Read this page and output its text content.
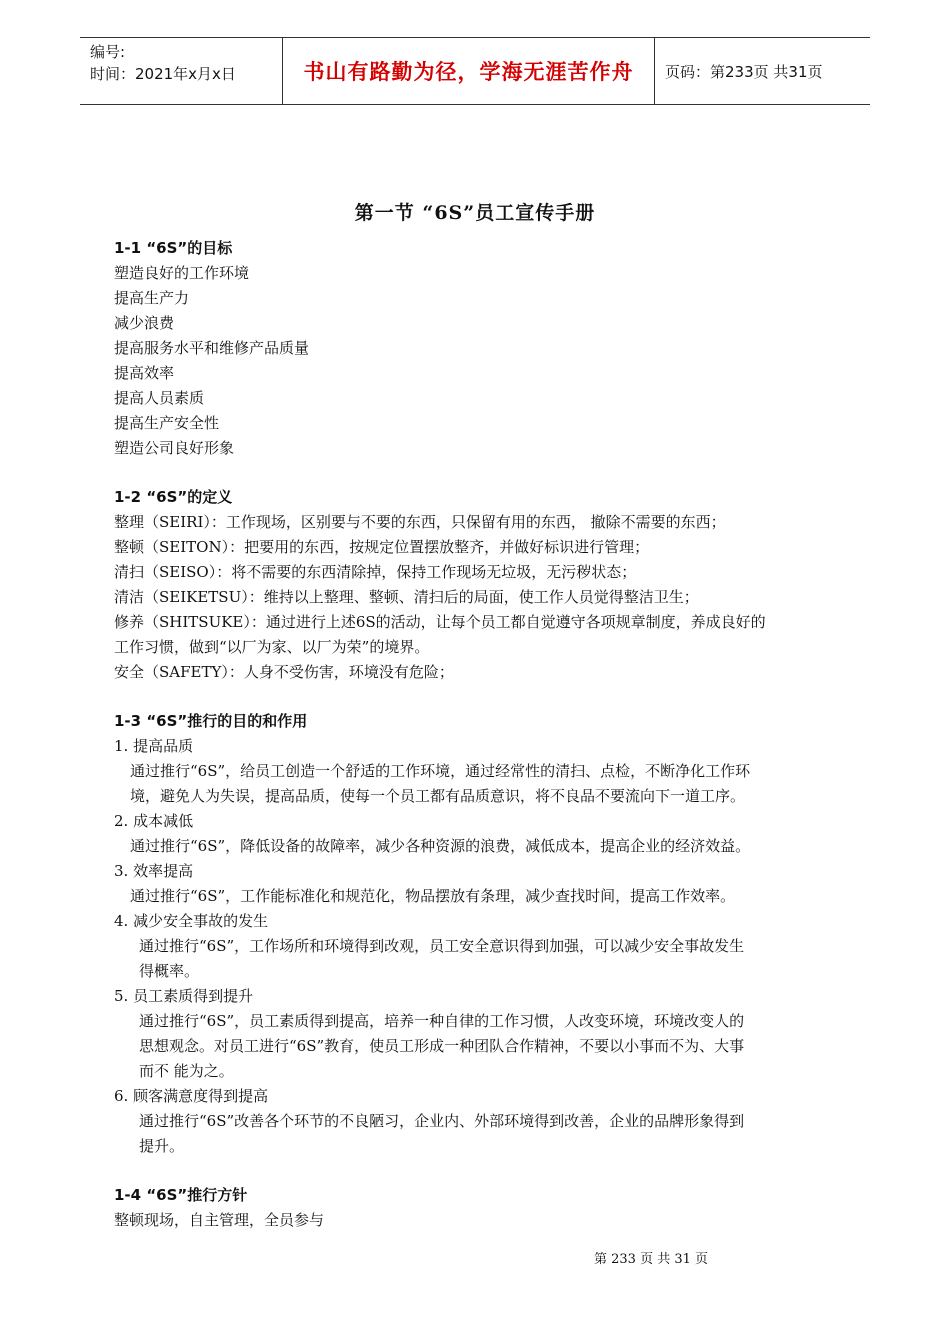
编号:
时间：2021年x月x日	书山有路勤为径，学海无涯苦作舟	页码：第233页 共31页
第一节 “6S”员工宣传手册
1-1 “6S”的目标
塑造良好的工作环境
提高生产力
减少浪费
提高服务水平和维修产品质量
提高效率
提高人员素质
提高生产安全性
塑造公司良好形象
1-2 “6S”的定义
整理（SEIRI）：工作现场，区别要与不要的东西，只保留有用的东西， 撤除不需要的东西；
整顿（SEITON）：把要用的东西，按规定位置摆放整齐，并做好标识进行管理；
清扫（SEISO）：将不需要的东西清除掉，保持工作现场无垃圾，无污秽状态；
清洁（SEIKETSU）：维持以上整理、整顿、清扫后的局面，使工作人员觉得整洁卫生；
修养（SHITSUKE）：通过进行上述6S的活动，让每个员工都自觉遵守各项规章制度，养成良好的
工作习惯，做到“以厂为家、以厂为荣”的境界。
安全（SAFETY）：人身不受伤害，环境没有危险；
1-3 “6S”推行的目的和作用
1. 提高品质
通过推行“6S”，给员工创造一个舒适的工作环境，通过经常性的清扫、点检，不断净化工作环
境，避免人为失误，提高品质，使每一个员工都有品质意识，将不良品不要流向下一道工序。
2. 成本减低
通过推行“6S”，降低设备的故障率，减少各种资源的浪费，减低成本，提高企业的经济效益。
3. 效率提高
通过推行“6S”，工作能标准化和规范化，物品摆放有条理，减少查找时间，提高工作效率。
4. 减少安全事故的发生
通过推行“6S”，工作场所和环境得到改观，员工安全意识得到加强，可以减少安全事故发生
得概率。
5. 员工素质得到提升
通过推行“6S”，员工素质得到提高，培养一种自律的工作习惯，人改变环境，环境改变人的
思想观念。对员工进行“6S”教育，使员工形成一种团队合作精神，不要以小事而不为、大事
而不 能为之。
6. 顾客满意度得到提高
通过推行“6S”改善各个环节的不良陋习，企业内、外部环境得到改善，企业的品牌形象得到
提升。
1-4 “6S”推行方针
整顿现场，自主管理，全员参与
第 233 页 共 31 页
